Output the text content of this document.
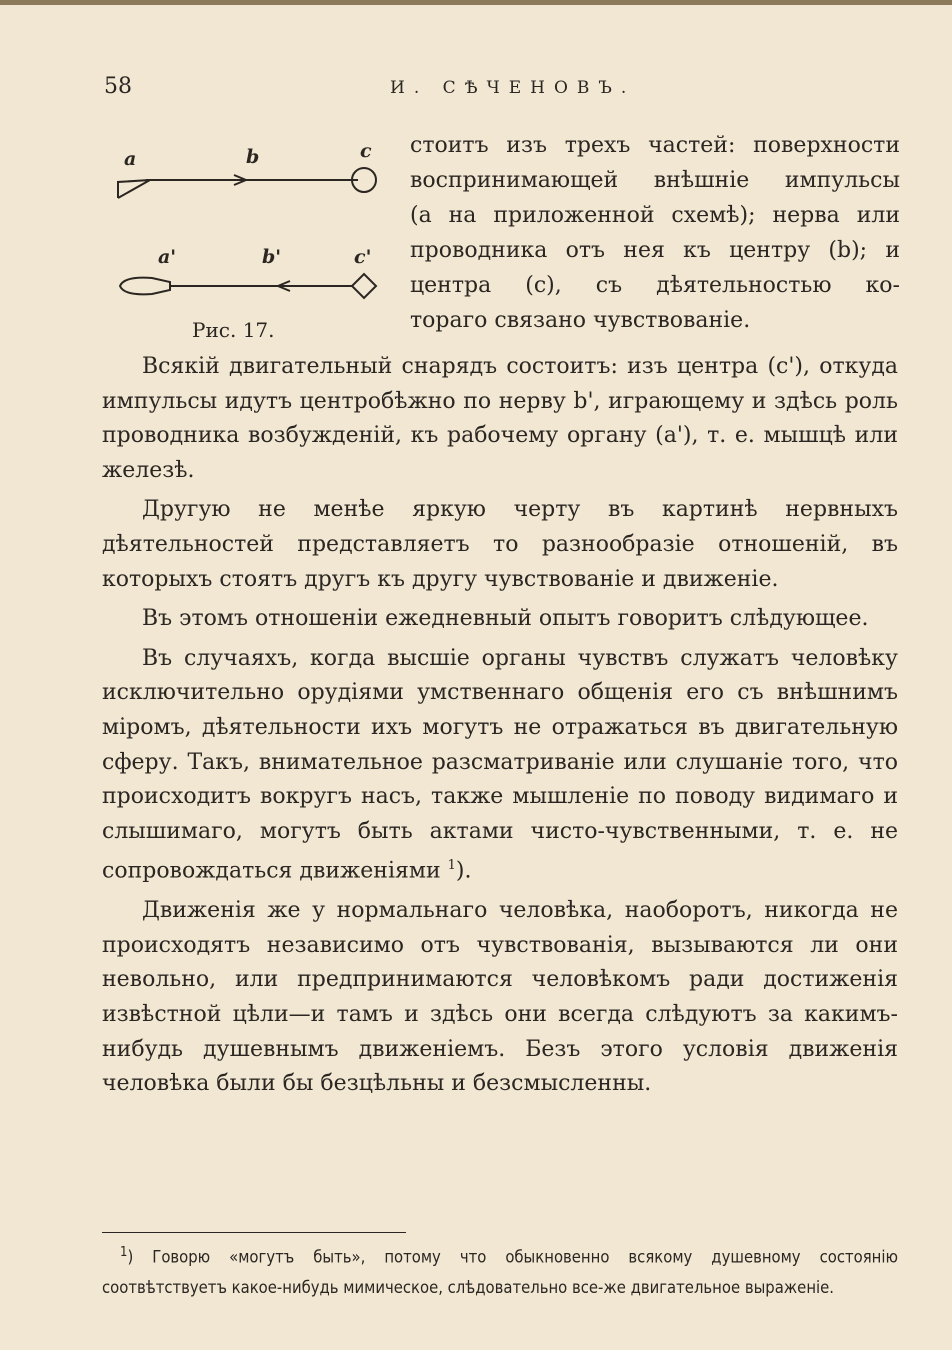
58	И. СѢЧЕНОВЪ.
a	b	c
a'	b'	c'
Рис. 17.
стоитъ изъ трехъ частей: поверхности
воспринимающей внѣшніе импульсы
(a на приложенной схемѣ); нерва или
проводника отъ нея къ центру (b); и
центра (c), съ дѣятельностью ко-
тораго связано чувствованіе.

Всякій двигательный снарядъ состоитъ: изъ центра (c'), откуда импульсы идутъ центробѣжно по нерву b', играющему и здѣсь роль проводника возбужденій, къ рабочему органу (a'), т. е. мышцѣ или железѣ.

Другую не менѣе яркую черту въ картинѣ нервныхъ дѣятельностей представляетъ то разнообразіе отношеній, въ которыхъ стоятъ другъ къ другу чувствованіе и движеніе.

Въ этомъ отношеніи ежедневный опытъ говоритъ слѣдующее.

Въ случаяхъ, когда высшіе органы чувствъ служатъ человѣку исключительно орудіями умственнаго общенія его съ внѣшнимъ міромъ, дѣятельности ихъ могутъ не отражаться въ двигательную сферу. Такъ, внимательное разсматриваніе или слушаніе того, что происходитъ вокругъ насъ, также мышленіе по поводу видимаго и слышимаго, могутъ быть актами чисто-чувственными, т. е. не сопровождаться движеніями $^1$).

Движенія же у нормальнаго человѣка, наоборотъ, никогда не происходятъ независимо отъ чувствованія, вызываются ли они невольно, или предпринимаются человѣкомъ ради достиженія извѣстной цѣли—и тамъ и здѣсь они всегда слѣдуютъ за какимъ-нибудь душевнымъ движеніемъ. Безъ этого условія движенія человѣка были бы безцѣльны и безсмысленны.

$^1$) Говорю «могутъ быть», потому что обыкновенно всякому душевному состоянію соотвѣтствуетъ какое-нибудь мимическое, слѣдовательно все-же двигательное выраженіе.
